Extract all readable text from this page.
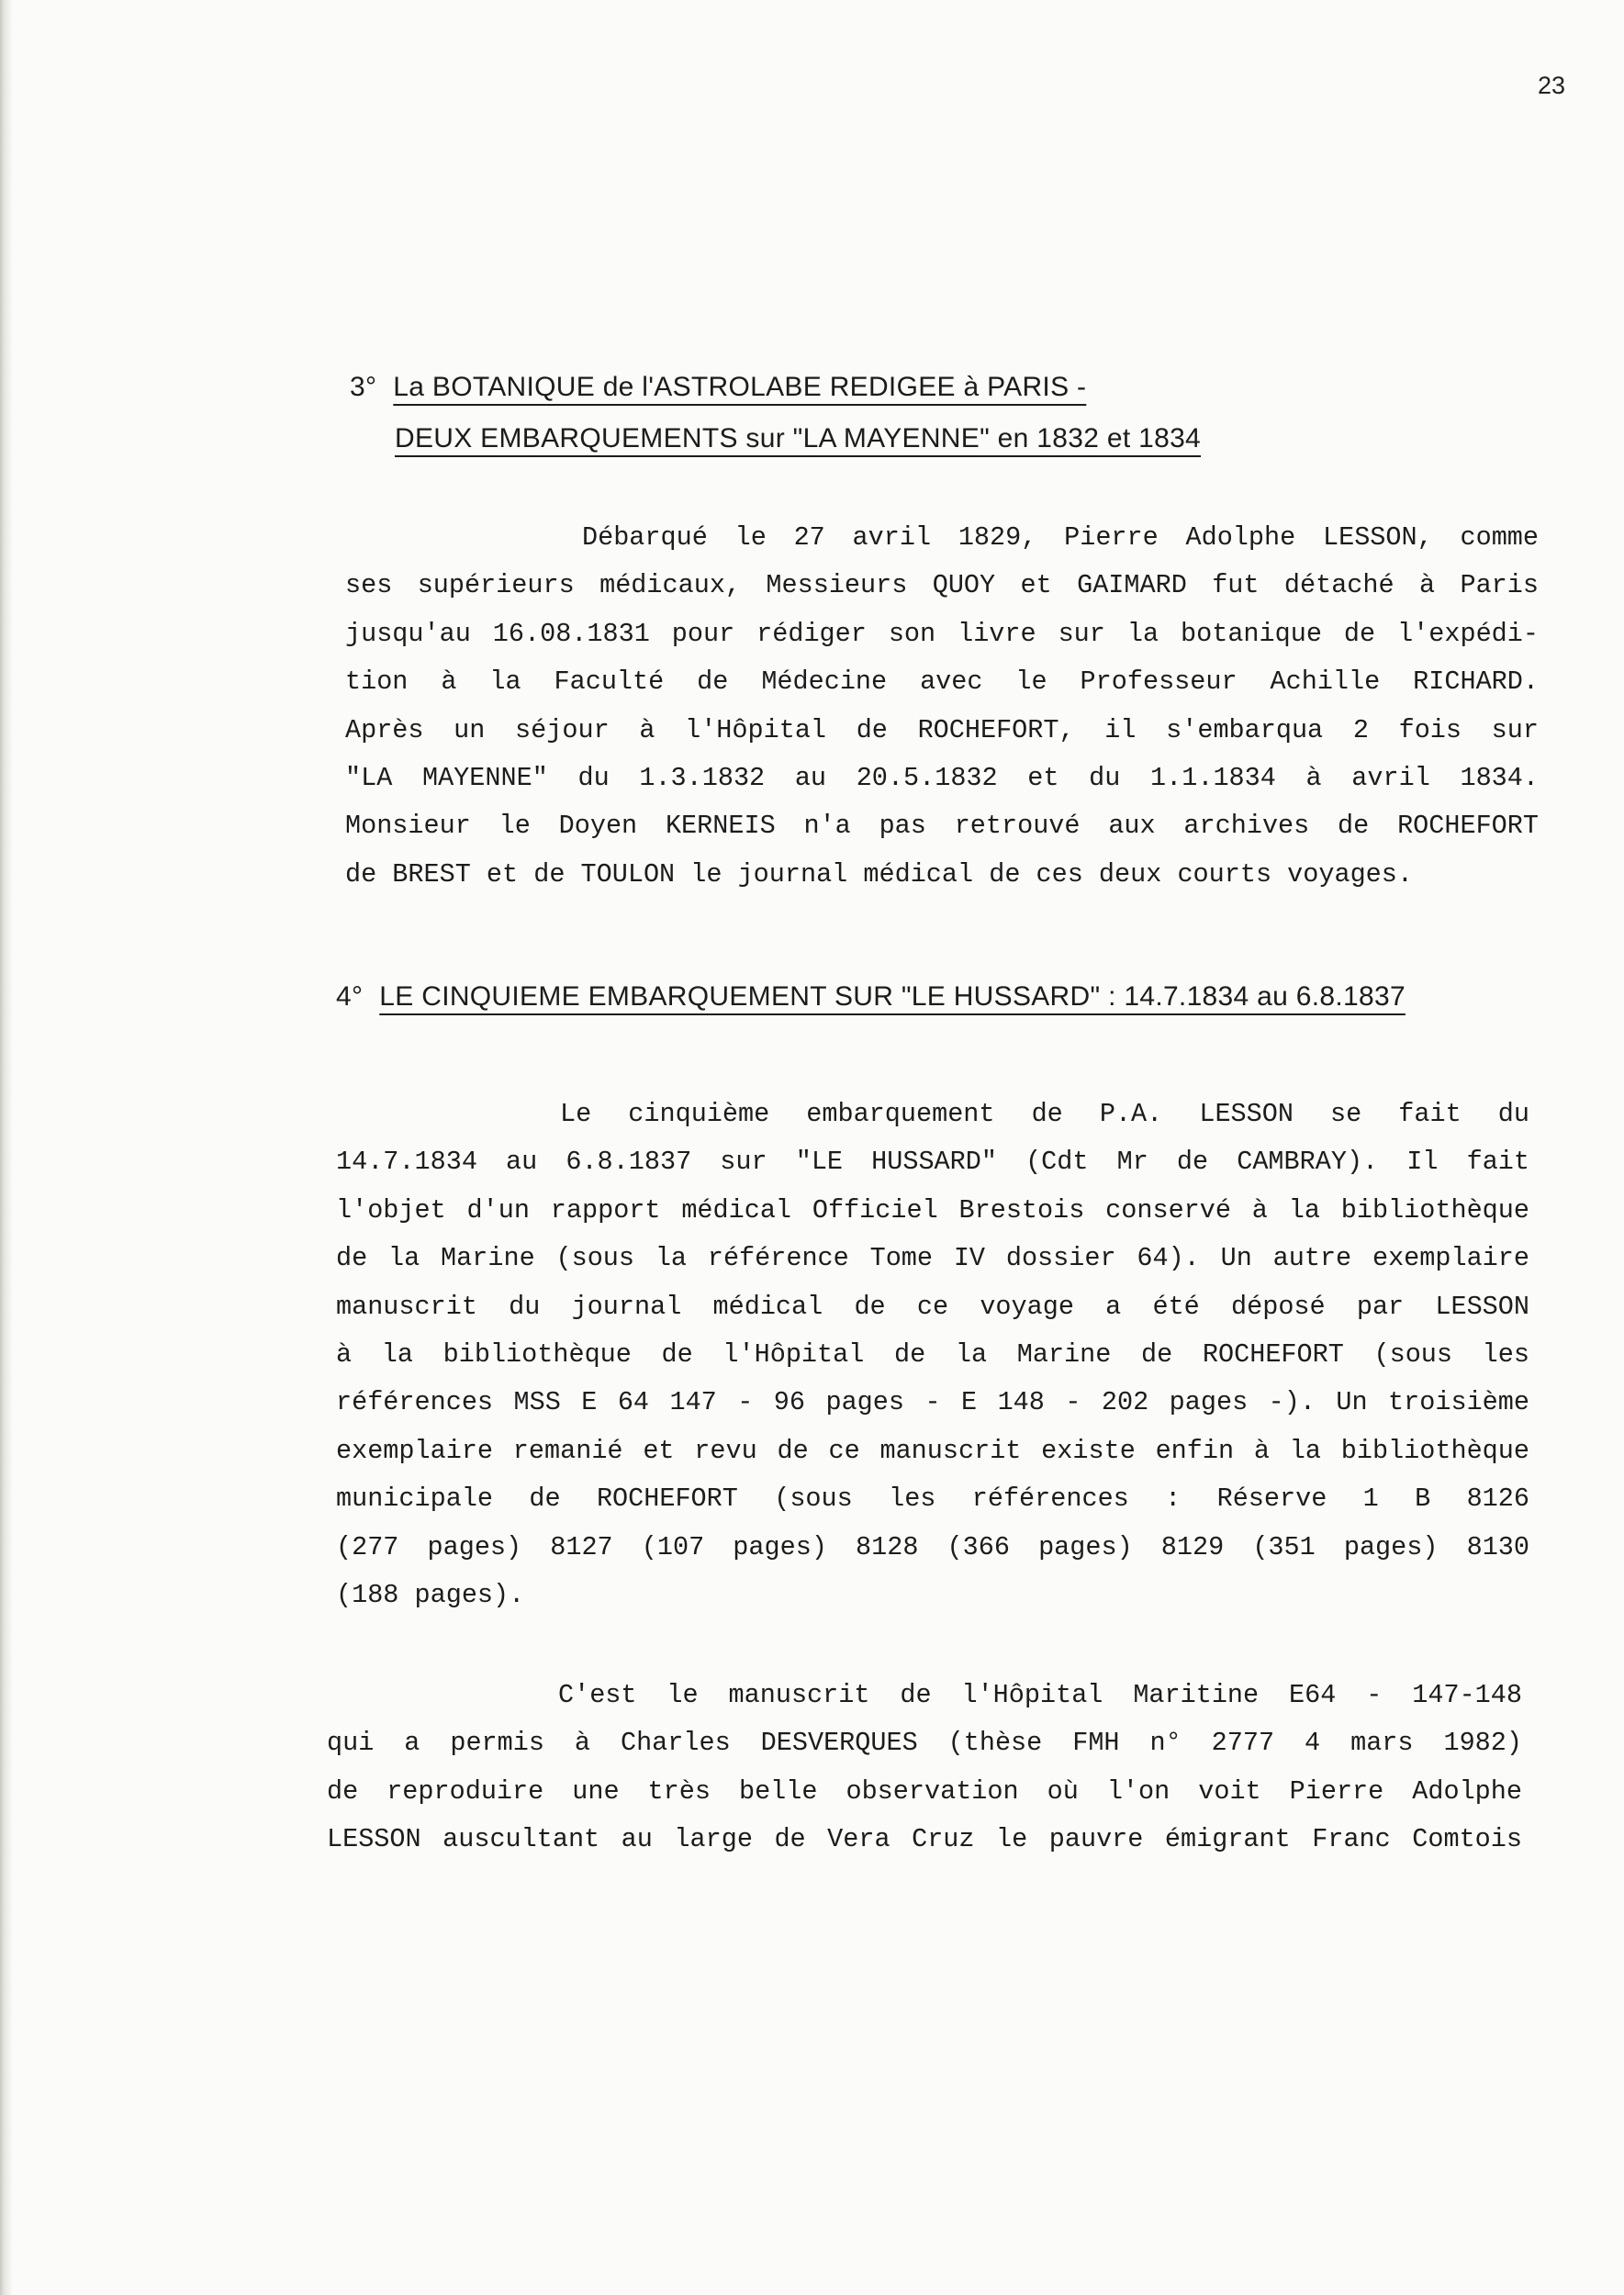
23
3° La BOTANIQUE de l'ASTROLABE REDIGEE à PARIS -
DEUX EMBARQUEMENTS sur "LA MAYENNE" en 1832 et 1834
Débarqué le 27 avril 1829, Pierre Adolphe LESSON, comme
ses supérieurs médicaux, Messieurs QUOY et GAIMARD fut détaché à Paris
jusqu'au 16.08.1831 pour rédiger son livre sur la botanique de l'expédi-
tion à la Faculté de Médecine avec le Professeur Achille RICHARD.
Après un séjour à l'Hôpital de ROCHEFORT, il s'embarqua 2 fois sur
"LA MAYENNE" du 1.3.1832 au 20.5.1832 et du 1.1.1834 à avril 1834.
Monsieur le Doyen KERNEIS n'a pas retrouvé aux archives de ROCHEFORT
de BREST et de TOULON le journal médical de ces deux courts voyages.
4° LE CINQUIEME EMBARQUEMENT SUR "LE HUSSARD" : 14.7.1834 au 6.8.1837
Le cinquième embarquement de P.A. LESSON se fait du
14.7.1834 au 6.8.1837 sur "LE HUSSARD" (Cdt Mr de CAMBRAY). Il fait
l'objet d'un rapport médical Officiel Brestois conservé à la bibliothèque
de la Marine (sous la référence Tome IV dossier 64). Un autre exemplaire
manuscrit du journal médical de ce voyage a été déposé par LESSON
à la bibliothèque de l'Hôpital de la Marine de ROCHEFORT (sous les
références MSS E 64 147 - 96 pages - E 148 - 202 pages -). Un troisième
exemplaire remanié et revu de ce manuscrit existe enfin à la bibliothèque
municipale de ROCHEFORT (sous les références : Réserve 1 B 8126
(277 pages) 8127 (107 pages) 8128 (366 pages) 8129 (351 pages) 8130
(188 pages).
C'est le manuscrit de l'Hôpital Maritine E64 - 147-148
qui a permis à Charles DESVERQUES (thèse FMH n° 2777 4 mars 1982)
de reproduire une très belle observation où l'on voit Pierre Adolphe
LESSON auscultant au large de Vera Cruz le pauvre émigrant Franc Comtois
